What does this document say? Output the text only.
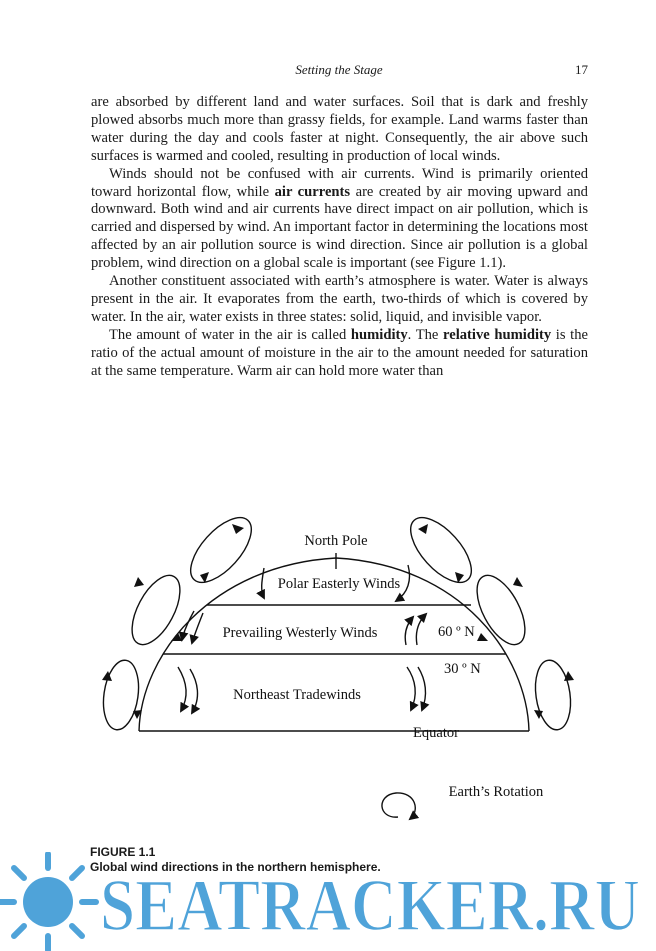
Setting the Stage	17

are absorbed by different land and water surfaces. Soil that is dark and freshly plowed absorbs much more than grassy fields, for example. Land warms faster than water during the day and cools faster at night. Consequently, the air above such surfaces is warmed and cooled, resulting in production of local winds.

Winds should not be confused with air currents. Wind is primarily oriented toward horizontal flow, while air currents are created by air moving upward and downward. Both wind and air currents have direct impact on air pollution, which is carried and dispersed by wind. An important factor in determining the locations most affected by an air pollution source is wind direction. Since air pollution is a global problem, wind direction on a global scale is important (see Figure 1.1).

Another constituent associated with earth’s atmosphere is water. Water is always present in the air. It evaporates from the earth, two-thirds of which is covered by water. In the air, water exists in three states: solid, liquid, and invisible vapor.

The amount of water in the air is called humidity. The relative humidity is the ratio of the actual amount of moisture in the air to the amount needed for saturation at the same temperature. Warm air can hold more water than

North Pole
Polar Easterly Winds
Prevailing Westerly Winds	60 º N
30 º N
Northeast Tradewinds
Equator
Earth’s Rotation
FIGURE 1.1
Global wind directions in the northern hemisphere.
SEATRACKER.RU
